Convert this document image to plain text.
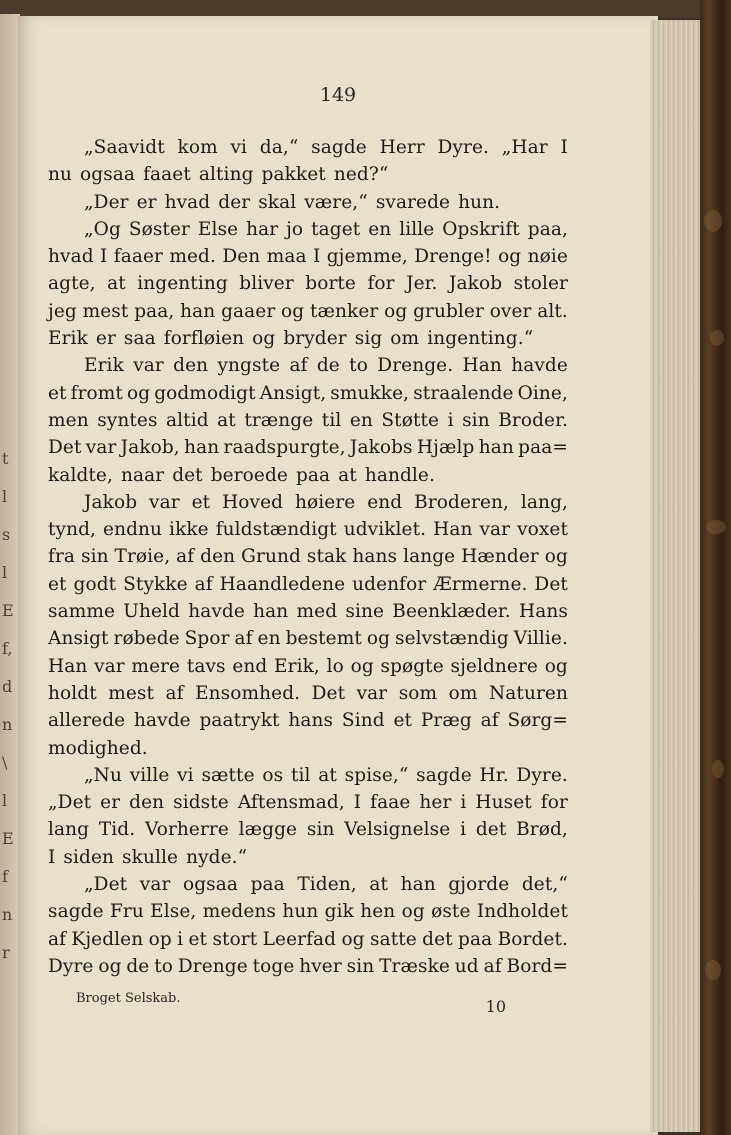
t
l
s
l
E
f,
d
n
\
l
E
f
n
r
149
„Saavidt kom vi da,“ sagde Herr Dyre. „Har I
nu ogsaa faaet alting pakket ned?“
„Der er hvad der skal være,“ svarede hun.
„Og Søster Else har jo taget en lille Opskrift paa,
hvad I faaer med. Den maa I gjemme, Drenge! og nøie
agte, at ingenting bliver borte for Jer. Jakob stoler
jeg mest paa, han gaaer og tænker og grubler over alt.
Erik er saa forfløien og bryder sig om ingenting.“
Erik var den yngste af de to Drenge. Han havde
et fromt og godmodigt Ansigt, smukke, straalende Oine,
men syntes altid at trænge til en Støtte i sin Broder.
Det var Jakob, han raadspurgte, Jakobs Hjælp han paa=
kaldte, naar det beroede paa at handle.
Jakob var et Hoved høiere end Broderen, lang,
tynd, endnu ikke fuldstændigt udviklet. Han var voxet
fra sin Trøie, af den Grund stak hans lange Hænder og
et godt Stykke af Haandledene udenfor Ærmerne. Det
samme Uheld havde han med sine Beenklæder. Hans
Ansigt røbede Spor af en bestemt og selvstændig Villie.
Han var mere tavs end Erik, lo og spøgte sjeldnere og
holdt mest af Ensomhed. Det var som om Naturen
allerede havde paatrykt hans Sind et Præg af Sørg=
modighed.
„Nu ville vi sætte os til at spise,“ sagde Hr. Dyre.
„Det er den sidste Aftensmad, I faae her i Huset for
lang Tid. Vorherre lægge sin Velsignelse i det Brød,
I siden skulle nyde.“
„Det var ogsaa paa Tiden, at han gjorde det,“
sagde Fru Else, medens hun gik hen og øste Indholdet
af Kjedlen op i et stort Leerfad og satte det paa Bordet.
Dyre og de to Drenge toge hver sin Træske ud af Bord=
Broget Selskab.	10
